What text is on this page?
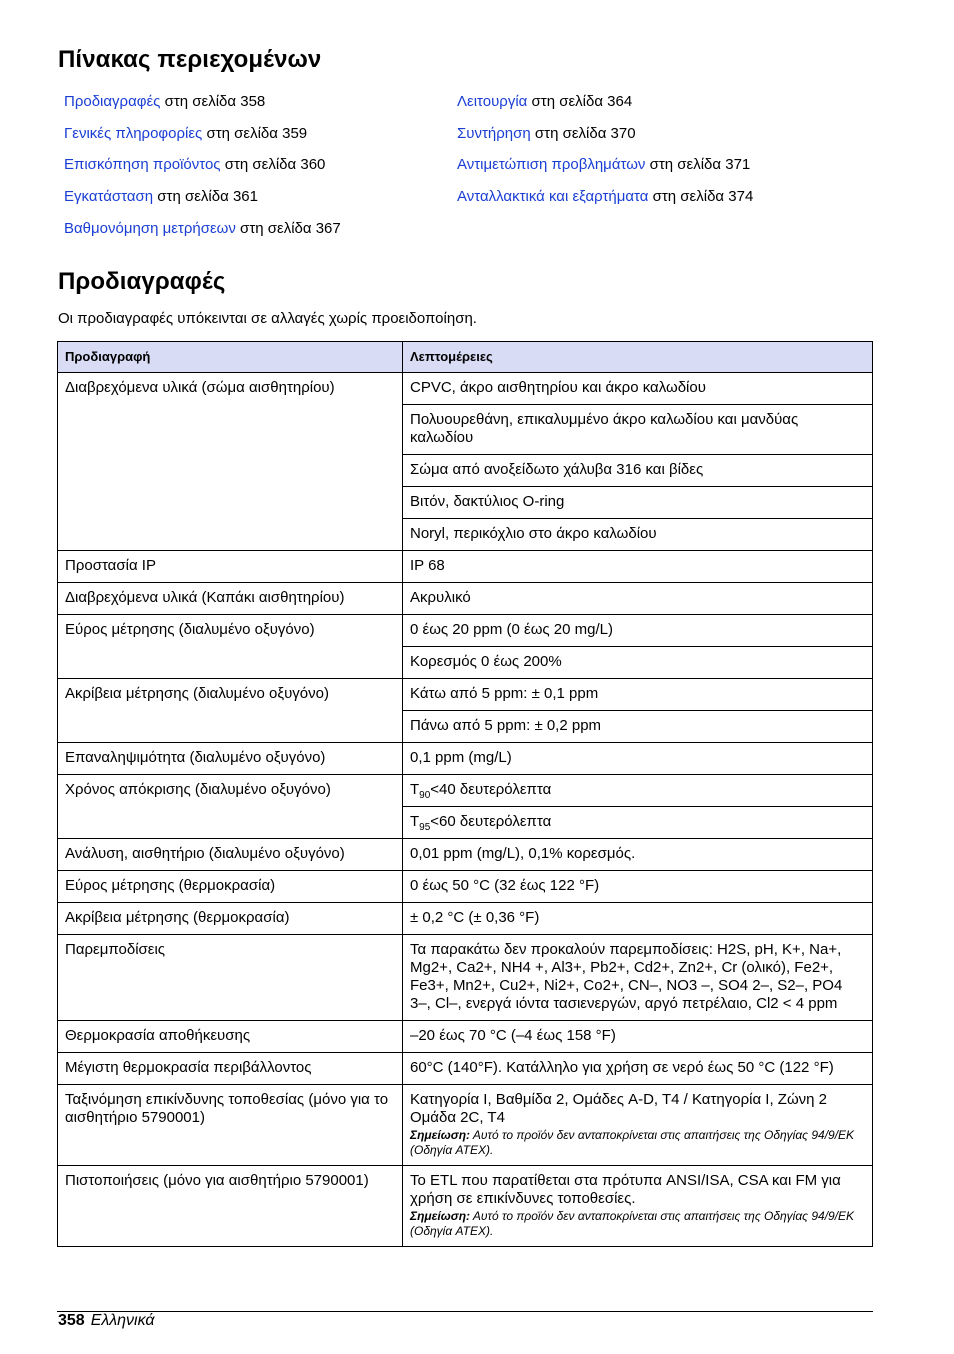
Πίνακας περιεχομένων
Προδιαγραφές στη σελίδα 358
Γενικές πληροφορίες στη σελίδα 359
Επισκόπηση προϊόντος στη σελίδα 360
Εγκατάσταση στη σελίδα 361
Βαθμονόμηση μετρήσεων στη σελίδα 367
Λειτουργία στη σελίδα 364
Συντήρηση στη σελίδα 370
Αντιμετώπιση προβλημάτων στη σελίδα 371
Ανταλλακτικά και εξαρτήματα στη σελίδα 374
Προδιαγραφές

Οι προδιαγραφές υπόκεινται σε αλλαγές χωρίς προειδοποίηση.

Προδιαγραφή	Λεπτομέρειες
Διαβρεχόμενα υλικά (σώμα αισθητηρίου)	CPVC, άκρο αισθητηρίου και άκρο καλωδίου
	Πολυουρεθάνη, επικαλυμμένο άκρο καλωδίου και μανδύας καλωδίου
	Σώμα από ανοξείδωτο χάλυβα 316 και βίδες
	Βιτόν, δακτύλιος O-ring
	Noryl, περικόχλιο στο άκρο καλωδίου
Προστασία IP	IP 68
Διαβρεχόμενα υλικά (Καπάκι αισθητηρίου)	Ακρυλικό
Εύρος μέτρησης (διαλυμένο οξυγόνο)	0 έως 20 ppm (0 έως 20 mg/L)
	Κορεσμός 0 έως 200%
Ακρίβεια μέτρησης (διαλυμένο οξυγόνο)	Κάτω από 5 ppm: ± 0,1 ppm
	Πάνω από 5 ppm: ± 0,2 ppm
Επαναληψιμότητα (διαλυμένο οξυγόνο)	0,1 ppm (mg/L)
Χρόνος απόκρισης (διαλυμένο οξυγόνο)	$T_{90}<40$ δευτερόλεπτα
	$T_{95}<60$ δευτερόλεπτα
Ανάλυση, αισθητήριο (διαλυμένο οξυγόνο)	0,01 ppm (mg/L), 0,1% κορεσμός.
Εύρος μέτρησης (θερμοκρασία)	0 έως 50 °C (32 έως 122 °F)
Ακρίβεια μέτρησης (θερμοκρασία)	± 0,2 °C (± 0,36 °F)
Παρεμποδίσεις	Τα παρακάτω δεν προκαλούν παρεμποδίσεις: H2S, pH, K+, Na+, Mg2+, Ca2+, NH4 +, Al3+, Pb2+, Cd2+, Zn2+, Cr (ολικό), Fe2+, Fe3+, Mn2+, Cu2+, Ni2+, Co2+, CN–, NO3 –, SO4 2–, S2–, PO4 3–, Cl–, ενεργά ιόντα τασιενεργών, αργό πετρέλαιο, Cl2 < 4 ppm
Θερμοκρασία αποθήκευσης	–20 έως 70 °C (–4 έως 158 °F)
Μέγιστη θερμοκρασία περιβάλλοντος	60°C (140°F). Κατάλληλο για χρήση σε νερό έως 50 °C (122 °F)
Ταξινόμηση επικίνδυνης τοποθεσίας (μόνο για το αισθητήριο 5790001)	Κατηγορία I, Βαθμίδα 2, Ομάδες A-D, T4 / Κατηγορία I, Ζώνη 2 Ομάδα 2C, T4
Σημείωση: Αυτό το προϊόν δεν ανταποκρίνεται στις απαιτήσεις της Οδηγίας 94/9/ΕΚ (Οδηγία ATEX).

Πιστοποιήσεις (μόνο για αισθητήριο 5790001)	Το ETL που παρατίθεται στα πρότυπα ANSI/ISA, CSA και FM για χρήση σε επικίνδυνες τοποθεσίες.
Σημείωση: Αυτό το προϊόν δεν ανταποκρίνεται στις απαιτήσεις της Οδηγίας 94/9/ΕΚ (Οδηγία ATEX).
358 Ελληνικά
